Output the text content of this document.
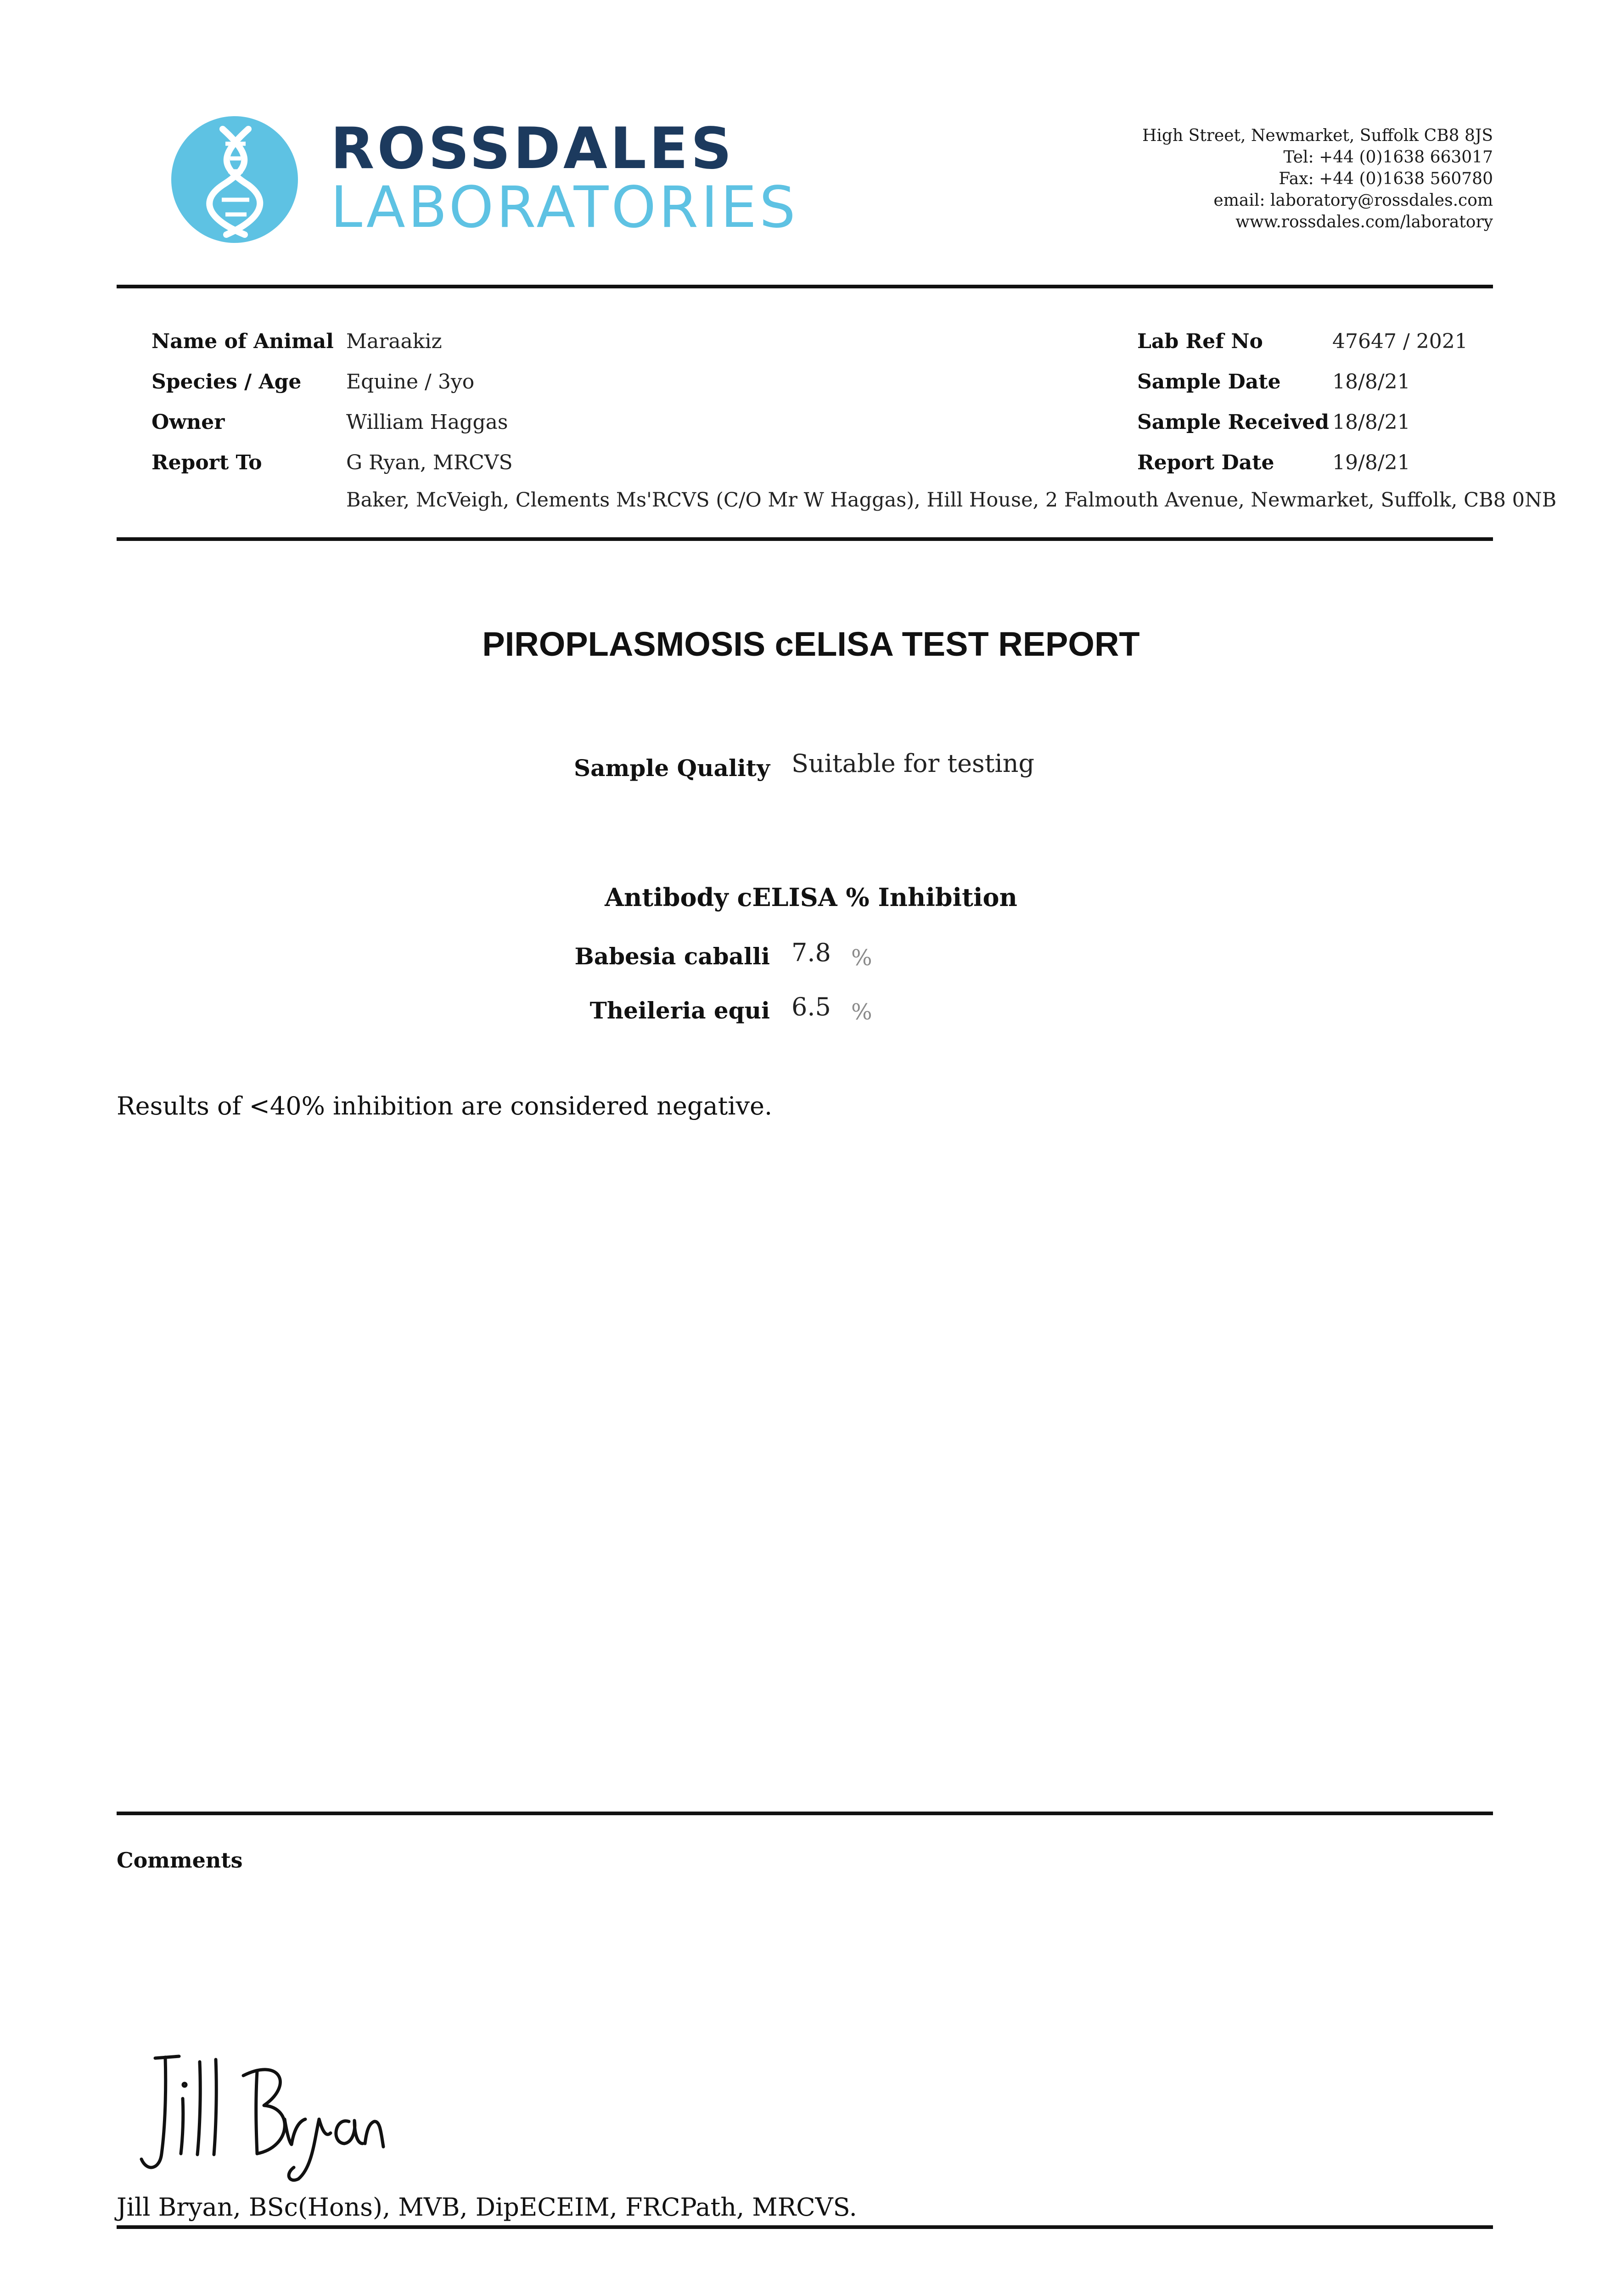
ROSSDALES
LABORATORIES
High Street, Newmarket, Suffolk CB8 8JS
Tel: +44 (0)1638 663017
Fax: +44 (0)1638 560780
email: laboratory@rossdales.com
www.rossdales.com/laboratory
Name of Animal Maraakiz
Species / Age Equine / 3yo
Owner	William Haggas
Report To	G Ryan, MRCVS
Baker, McVeigh, Clements Ms'RCVS (C/O Mr W Haggas), Hill House, 2 Falmouth Avenue, Newmarket, Suffolk, CB8 0NB
Lab Ref No	47647 / 2021
Sample Date	18/8/21
Sample Received 18/8/21
Report Date	19/8/21
PIROPLASMOSIS cELISA TEST REPORT
Sample Quality Suitable for testing
Antibody cELISA % Inhibition
Babesia caballi 7.8 %
Theileria equi 6.5 %
Results of <40% inhibition are considered negative.
Comments
Jill Bryan, BSc(Hons), MVB, DipECEIM, FRCPath, MRCVS.
